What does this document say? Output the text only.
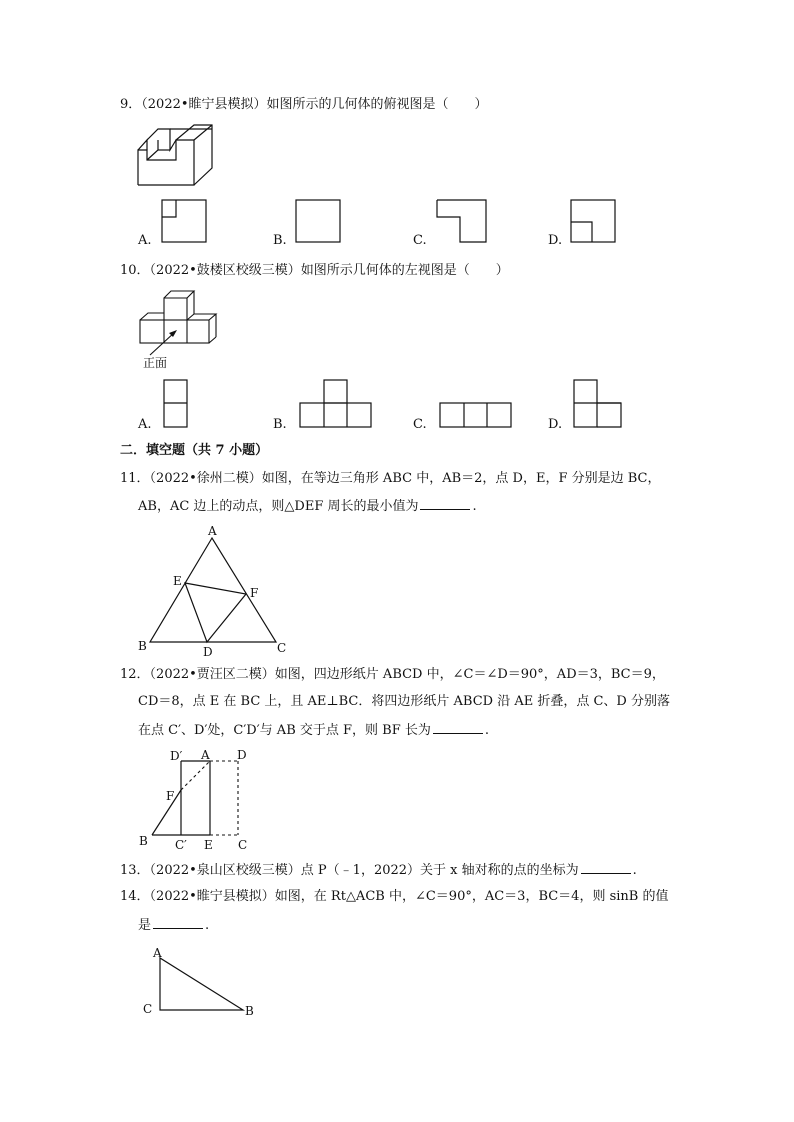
9．（2022•睢宁县模拟）如图所示的几何体的俯视图是（　　）
A.	B.	C.	D.
10．（2022•鼓楼区校级三模）如图所示几何体的左视图是（　　）
正面
A.	B.	C.	D.
二．填空题（共 7 小题）
11．（2022•徐州二模）如图，在等边三角形 ABC 中，AB＝2，点 D，E，F 分别是边 BC，
AB，AC 边上的动点，则△DEF 周长的最小值为	.
A
B	C
D
E
F
12．（2022•贾汪区二模）如图，四边形纸片 ABCD 中，∠C＝∠D＝90°，AD＝3，BC＝9，
CD＝8，点 E 在 BC 上，且 AE⊥BC．将四边形纸片 ABCD 沿 AE 折叠，点 C、D 分别落
在点 C′、D′处，C′D′与 AB 交于点 F，则 BF 长为	.
D′ A D
F
B C′ E C
13．（2022•泉山区校级三模）点 P（﹣1，2022）关于 x 轴对称的点的坐标为	.
14．（2022•睢宁县模拟）如图，在 Rt△ACB 中，∠C＝90°，AC＝3，BC＝4，则 sinB 的值
是	.
A
C	B
